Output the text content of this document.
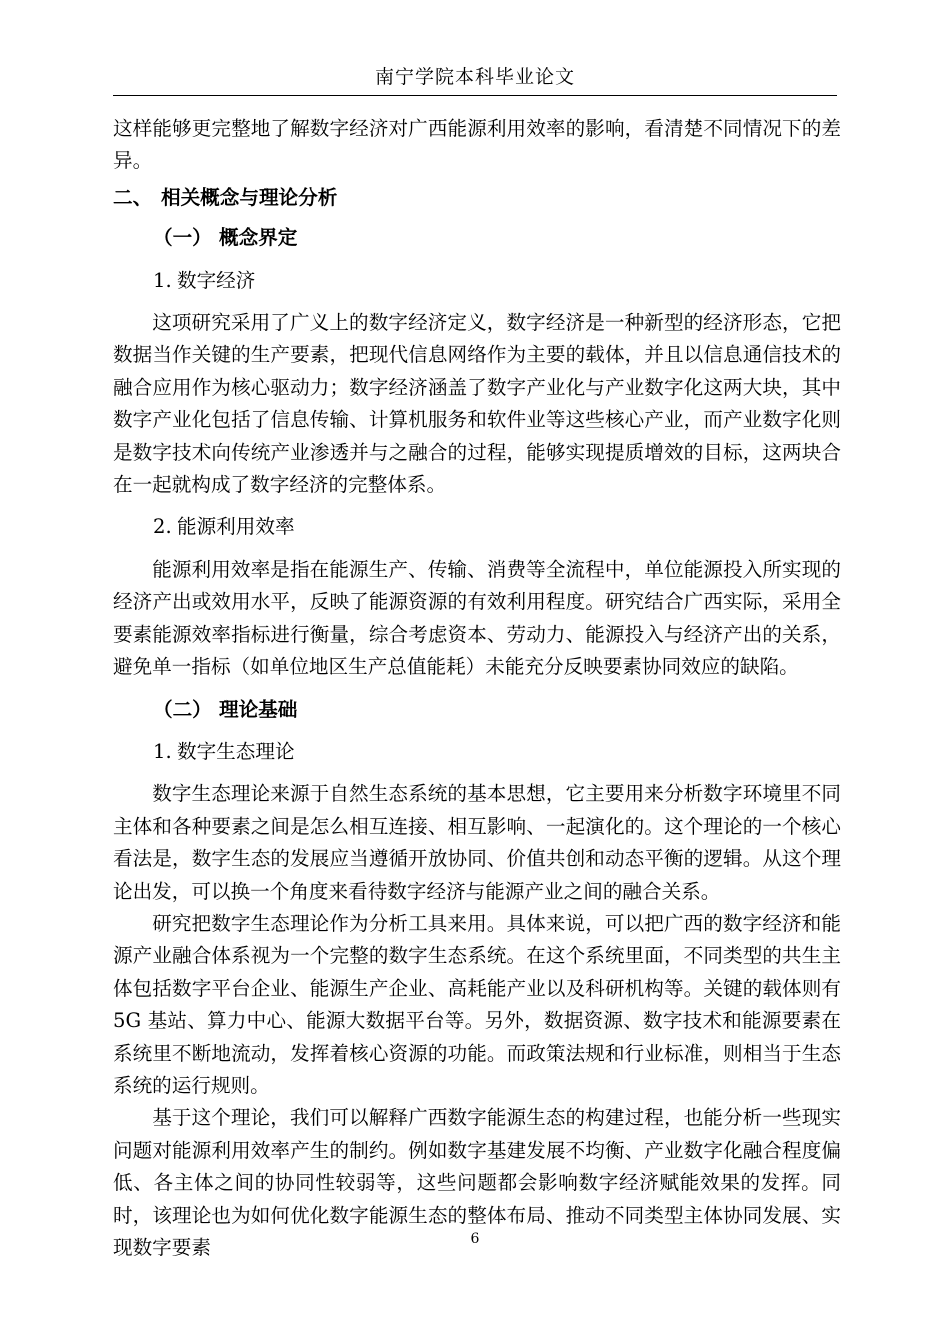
南宁学院本科毕业论文

这样能够更完整地了解数字经济对广西能源利用效率的影响，看清楚不同情况下的差异。

二、 相关概念与理论分析

（一） 概念界定

1. 数字经济

这项研究采用了广义上的数字经济定义，数字经济是一种新型的经济形态，它把数据当作关键的生产要素，把现代信息网络作为主要的载体，并且以信息通信技术的融合应用作为核心驱动力；数字经济涵盖了数字产业化与产业数字化这两大块，其中数字产业化包括了信息传输、计算机服务和软件业等这些核心产业，而产业数字化则是数字技术向传统产业渗透并与之融合的过程，能够实现提质增效的目标，这两块合在一起就构成了数字经济的完整体系。

2. 能源利用效率

能源利用效率是指在能源生产、传输、消费等全流程中，单位能源投入所实现的经济产出或效用水平，反映了能源资源的有效利用程度。研究结合广西实际，采用全要素能源效率指标进行衡量，综合考虑资本、劳动力、能源投入与经济产出的关系，避免单一指标（如单位地区生产总值能耗）未能充分反映要素协同效应的缺陷。

（二） 理论基础

1. 数字生态理论

数字生态理论来源于自然生态系统的基本思想，它主要用来分析数字环境里不同主体和各种要素之间是怎么相互连接、相互影响、一起演化的。这个理论的一个核心看法是，数字生态的发展应当遵循开放协同、价值共创和动态平衡的逻辑。从这个理论出发，可以换一个角度来看待数字经济与能源产业之间的融合关系。

研究把数字生态理论作为分析工具来用。具体来说，可以把广西的数字经济和能源产业融合体系视为一个完整的数字生态系统。在这个系统里面，不同类型的共生主体包括数字平台企业、能源生产企业、高耗能产业以及科研机构等。关键的载体则有 5G 基站、算力中心、能源大数据平台等。另外，数据资源、数字技术和能源要素在系统里不断地流动，发挥着核心资源的功能。而政策法规和行业标准，则相当于生态系统的运行规则。

基于这个理论，我们可以解释广西数字能源生态的构建过程，也能分析一些现实问题对能源利用效率产生的制约。例如数字基建发展不均衡、产业数字化融合程度偏低、各主体之间的协同性较弱等，这些问题都会影响数字经济赋能效果的发挥。同时，该理论也为如何优化数字能源生态的整体布局、推动不同类型主体协同发展、实现数字要素	6
